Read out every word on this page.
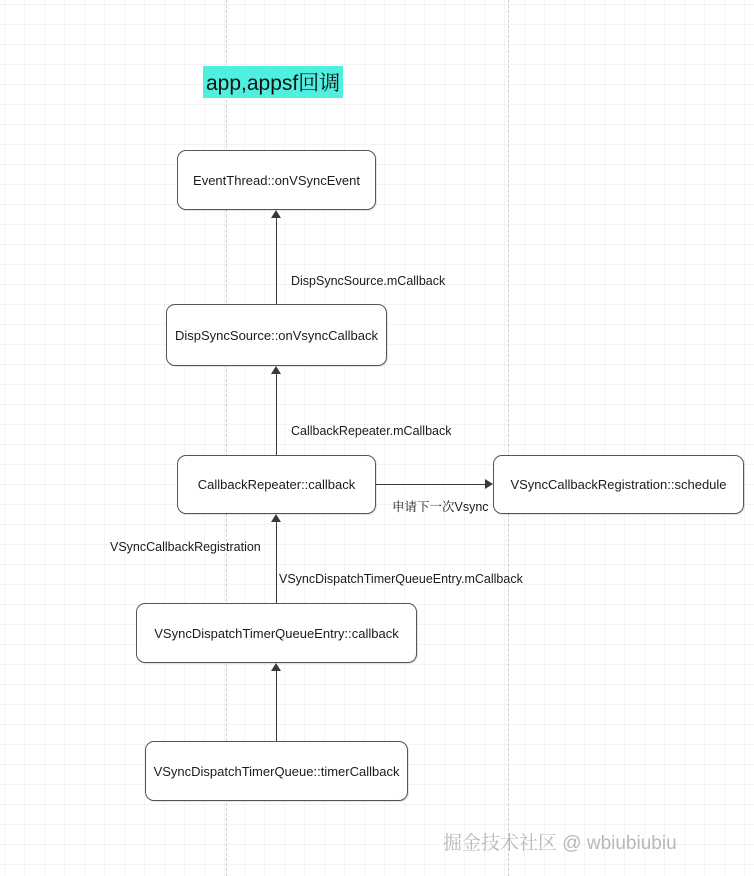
app,appsf回调
EventThread::onVSyncEvent
DispSyncSource::onVsyncCallback
CallbackRepeater::callback	VSyncCallbackRegistration::schedule
VSyncDispatchTimerQueueEntry::callback
VSyncDispatchTimerQueue::timerCallback
DispSyncSource.mCallback
CallbackRepeater.mCallback
申请下一次Vsync
VSyncCallbackRegistration
VSyncDispatchTimerQueueEntry.mCallback
掘金技术社区 @ wbiubiubiu
